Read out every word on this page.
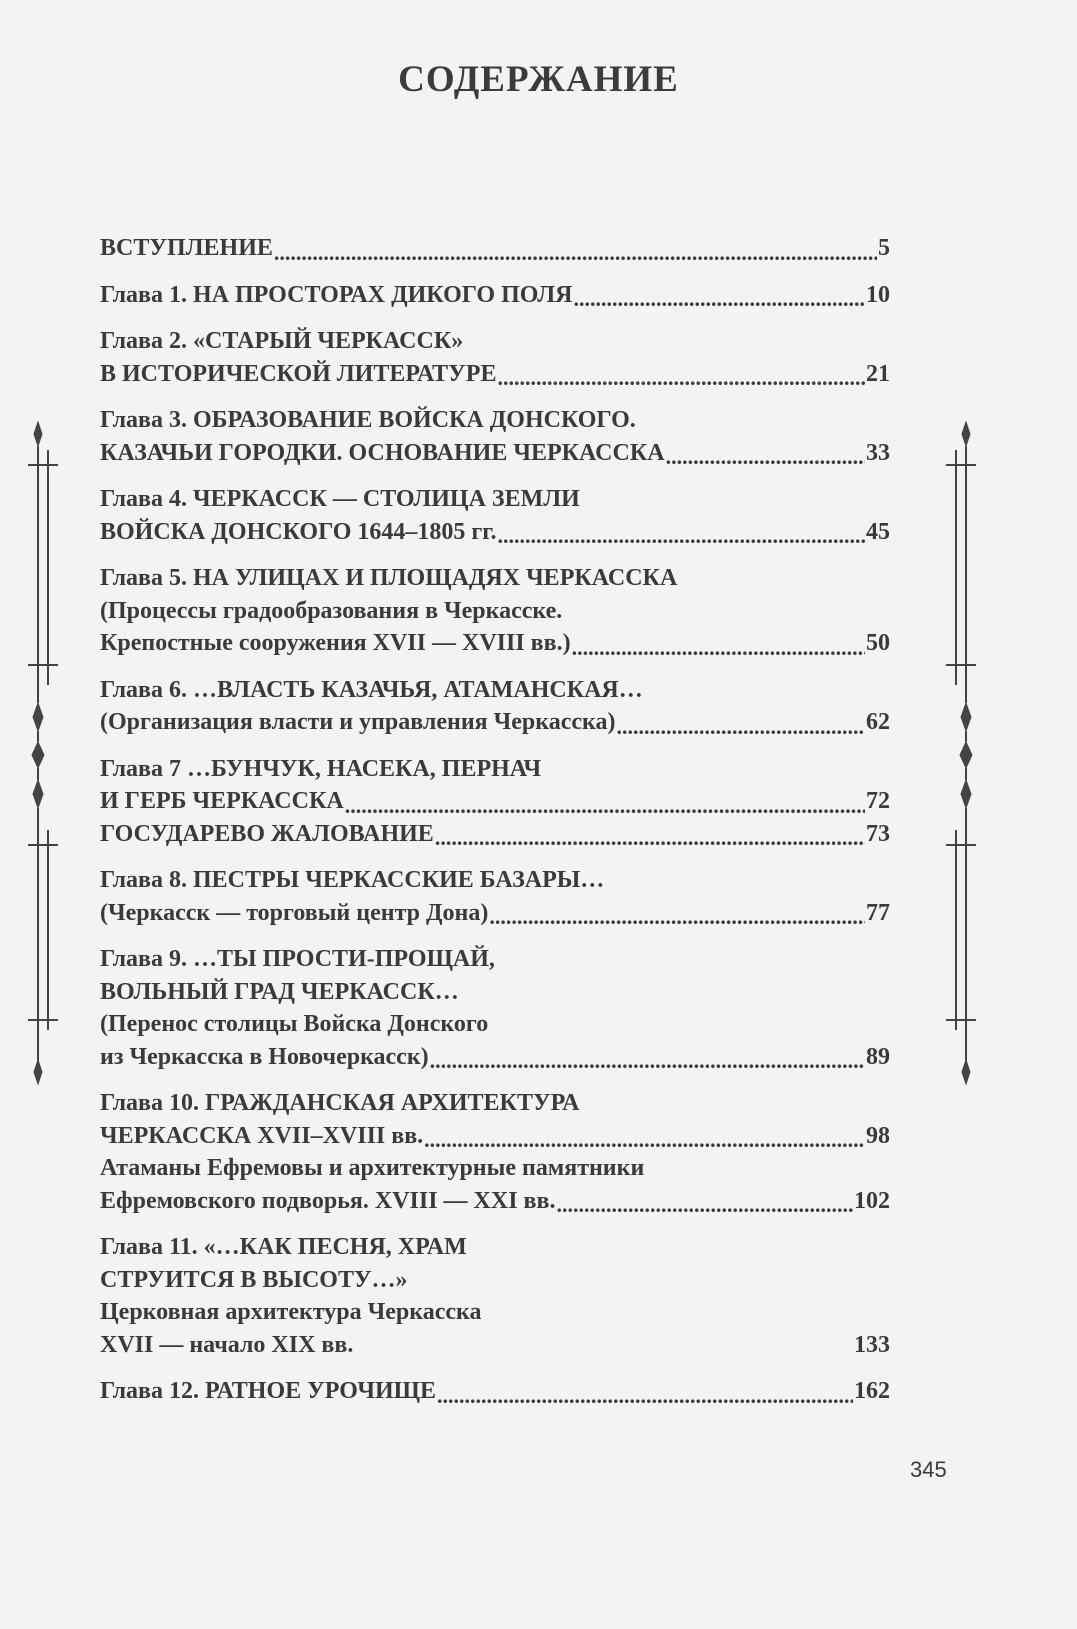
СОДЕРЖАНИЕ
ВСТУПЛЕНИЕ .....	5
Глава 1. НА ПРОСТОРАХ ДИКОГО ПОЛЯ .....	10
Глава 2. «СТАРЫЙ ЧЕРКАССК»
В ИСТОРИЧЕСКОЙ ЛИТЕРАТУРЕ .....	21
Глава 3. ОБРАЗОВАНИЕ ВОЙСКА ДОНСКОГО.
КАЗАЧЬИ ГОРОДКИ. ОСНОВАНИЕ ЧЕРКАССКА .....	33
Глава 4. ЧЕРКАССК — СТОЛИЦА ЗЕМЛИ
ВОЙСКА ДОНСКОГО 1644–1805 гг. .....	45
Глава 5. НА УЛИЦАХ И ПЛОЩАДЯХ ЧЕРКАССКА
(Процессы градообразования в Черкасске.
Крепостные сооружения XVII — XVIII вв.) .....	50
Глава 6. …ВЛАСТЬ КАЗАЧЬЯ, АТАМАНСКАЯ…
(Организация власти и управления Черкасска) .....	62
Глава 7 …БУНЧУК, НАСЕКА, ПЕРНАЧ
И ГЕРБ ЧЕРКАССКА .....	72
ГОСУДАРЕВО ЖАЛОВАНИЕ .....	73
Глава 8. ПЕСТРЫ ЧЕРКАССКИЕ БАЗАРЫ…
(Черкасск — торговый центр Дона) .....	77
Глава 9. …ТЫ ПРОСТИ-ПРОЩАЙ,
ВОЛЬНЫЙ ГРАД ЧЕРКАССК…
(Перенос столицы Войска Донского
из Черкасска в Новочеркасск) .....	89
Глава 10. ГРАЖДАНСКАЯ АРХИТЕКТУРА
ЧЕРКАССКА XVII–XVIII вв. .....	98
Атаманы Ефремовы и архитектурные памятники
Ефремовского подворья. XVIII — XXI вв. .....	102
Глава 11. «…КАК ПЕСНЯ, ХРАМ
СТРУИТСЯ В ВЫСОТУ…»
Церковная архитектура Черкасска
XVII — начало XIX вв.	133
Глава 12. РАТНОЕ УРОЧИЩЕ .....	162
345
